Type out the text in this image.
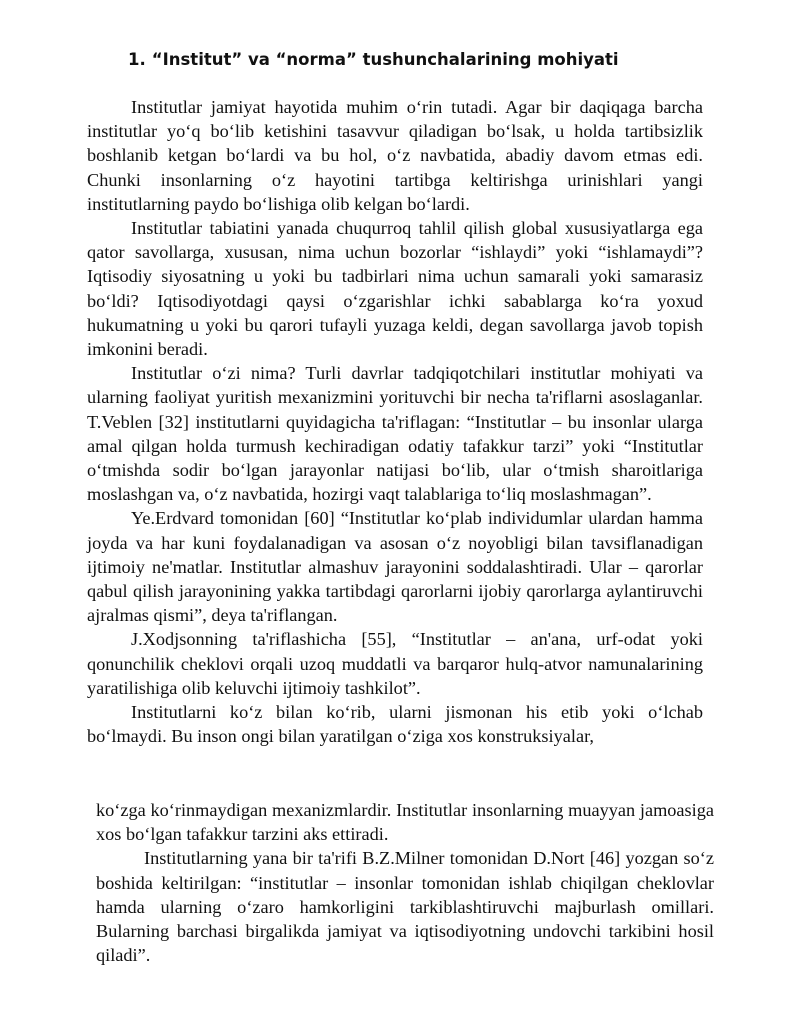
1. “Institut” va “norma” tushunchalarining mohiyati

Institutlar jamiyat hayotida muhim o‘rin tutadi. Agar bir daqiqaga barcha institutlar yo‘q bo‘lib ketishini tasavvur qiladigan bo‘lsak, u holda tartibsizlik boshlanib ketgan bo‘lardi va bu hol, o‘z navbatida, abadiy davom etmas edi. Chunki insonlarning o‘z hayotini tartibga keltirishga urinishlari yangi institutlarning paydo bo‘lishiga olib kelgan bo‘lardi.

Institutlar tabiatini yanada chuqurroq tahlil qilish global xususiyatlarga ega qator savollarga, xususan, nima uchun bozorlar “ishlaydi” yoki “ishlamaydi”? Iqtisodiy siyosatning u yoki bu tadbirlari nima uchun samarali yoki samarasiz bo‘ldi? Iqtisodiyotdagi qaysi o‘zgarishlar ichki sabablarga ko‘ra yoxud hukumatning u yoki bu qarori tufayli yuzaga keldi, degan savollarga javob topish imkonini beradi.

Institutlar o‘zi nima? Turli davrlar tadqiqotchilari institutlar mohiyati va ularning faoliyat yuritish mexanizmini yorituvchi bir necha ta'riflarni asoslaganlar. T.Veblen [32] institutlarni quyidagicha ta'riflagan: “Institutlar – bu insonlar ularga amal qilgan holda turmush kechiradigan odatiy tafakkur tarzi” yoki “Institutlar o‘tmishda sodir bo‘lgan jarayonlar natijasi bo‘lib, ular o‘tmish sharoitlariga moslashgan va, o‘z navbatida, hozirgi vaqt talablariga to‘liq moslashmagan”.

Ye.Erdvard tomonidan [60] “Institutlar ko‘plab individumlar ulardan hamma joyda va har kuni foydalanadigan va asosan o‘z noyobligi bilan tavsiflanadigan ijtimoiy ne'matlar. Institutlar almashuv jarayonini soddalashtiradi. Ular – qarorlar qabul qilish jarayonining yakka tartibdagi qarorlarni ijobiy qarorlarga aylantiruvchi ajralmas qismi”, deya ta'riflangan.

J.Xodjsonning ta'riflashicha [55], “Institutlar – an'ana, urf-odat yoki qonunchilik cheklovi orqali uzoq muddatli va barqaror hulq-atvor namunalarining yaratilishiga olib keluvchi ijtimoiy tashkilot”.

Institutlarni ko‘z bilan ko‘rib, ularni jismonan his etib yoki o‘lchab bo‘lmaydi. Bu inson ongi bilan yaratilgan o‘ziga xos konstruksiyalar,

ko‘zga ko‘rinmaydigan mexanizmlardir. Institutlar insonlarning muayyan jamoasiga xos bo‘lgan tafakkur tarzini aks ettiradi.

Institutlarning yana bir ta'rifi B.Z.Milner tomonidan D.Nort [46] yozgan so‘z boshida keltirilgan: “institutlar – insonlar tomonidan ishlab chiqilgan cheklovlar hamda ularning o‘zaro hamkorligini tarkiblashtiruvchi majburlash omillari. Bularning barchasi birgalikda jamiyat va iqtisodiyotning undovchi tarkibini hosil qiladi”.
